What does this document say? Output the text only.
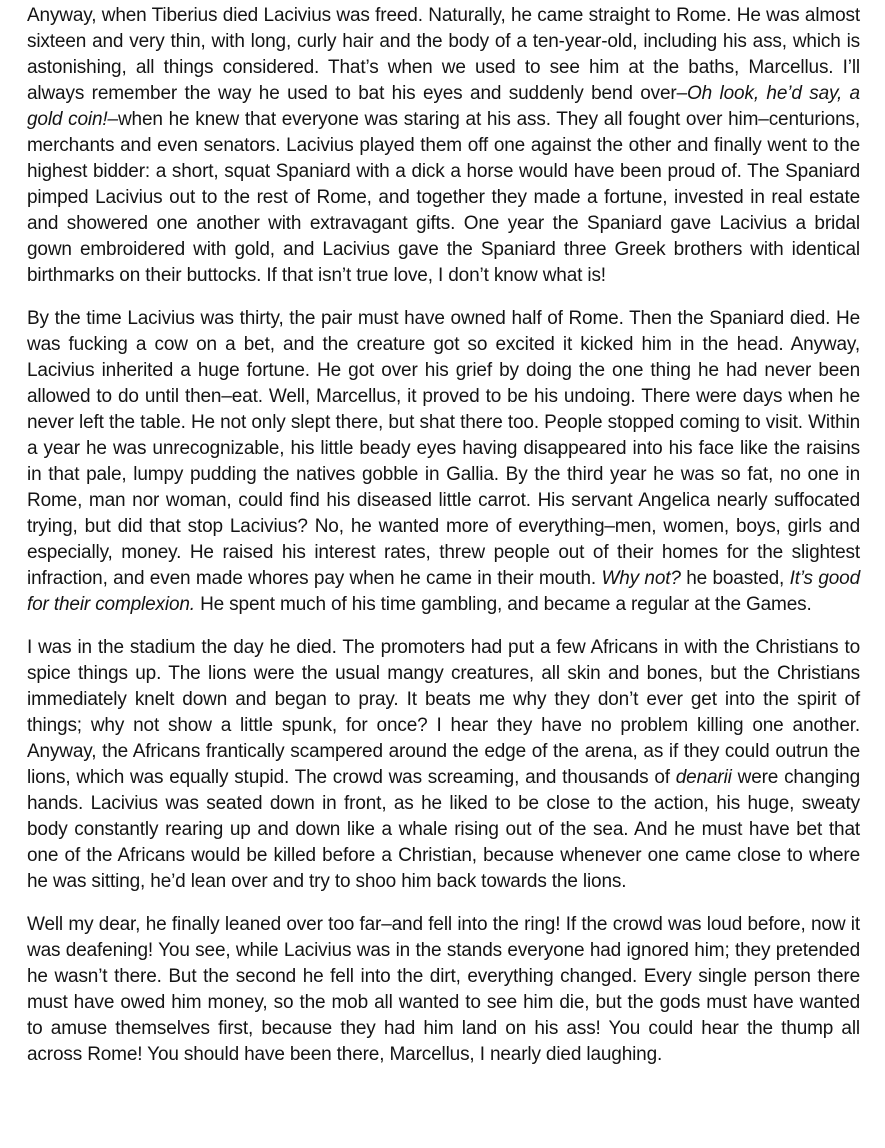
Anyway, when Tiberius died Lacivius was freed. Naturally, he came straight to Rome. He was almost sixteen and very thin, with long, curly hair and the body of a ten-year-old, including his ass, which is astonishing, all things considered. That’s when we used to see him at the baths, Marcellus. I’ll always remember the way he used to bat his eyes and suddenly bend over–Oh look, he’d say, a gold coin!–when he knew that everyone was staring at his ass. They all fought over him–centurions, merchants and even senators. Lacivius played them off one against the other and finally went to the highest bidder: a short, squat Spaniard with a dick a horse would have been proud of. The Spaniard pimped Lacivius out to the rest of Rome, and together they made a fortune, invested in real estate and showered one another with extravagant gifts. One year the Spaniard gave Lacivius a bridal gown embroidered with gold, and Lacivius gave the Spaniard three Greek brothers with identical birthmarks on their buttocks. If that isn’t true love, I don’t know what is!

By the time Lacivius was thirty, the pair must have owned half of Rome. Then the Spaniard died. He was fucking a cow on a bet, and the creature got so excited it kicked him in the head. Anyway, Lacivius inherited a huge fortune. He got over his grief by doing the one thing he had never been allowed to do until then–eat. Well, Marcellus, it proved to be his undoing. There were days when he never left the table. He not only slept there, but shat there too. People stopped coming to visit. Within a year he was unrecognizable, his little beady eyes having disappeared into his face like the raisins in that pale, lumpy pudding the natives gobble in Gallia. By the third year he was so fat, no one in Rome, man nor woman, could find his diseased little carrot. His servant Angelica nearly suffocated trying, but did that stop Lacivius? No, he wanted more of everything–men, women, boys, girls and especially, money. He raised his interest rates, threw people out of their homes for the slightest infraction, and even made whores pay when he came in their mouth. Why not? he boasted, It’s good for their complexion. He spent much of his time gambling, and became a regular at the Games.

I was in the stadium the day he died. The promoters had put a few Africans in with the Christians to spice things up. The lions were the usual mangy creatures, all skin and bones, but the Christians immediately knelt down and began to pray. It beats me why they don’t ever get into the spirit of things; why not show a little spunk, for once? I hear they have no problem killing one another. Anyway, the Africans frantically scampered around the edge of the arena, as if they could outrun the lions, which was equally stupid. The crowd was screaming, and thousands of denarii were changing hands. Lacivius was seated down in front, as he liked to be close to the action, his huge, sweaty body constantly rearing up and down like a whale rising out of the sea. And he must have bet that one of the Africans would be killed before a Christian, because whenever one came close to where he was sitting, he’d lean over and try to shoo him back towards the lions.

Well my dear, he finally leaned over too far–and fell into the ring! If the crowd was loud before, now it was deafening! You see, while Lacivius was in the stands everyone had ignored him; they pretended he wasn’t there. But the second he fell into the dirt, everything changed. Every single person there must have owed him money, so the mob all wanted to see him die, but the gods must have wanted to amuse themselves first, because they had him land on his ass! You could hear the thump all across Rome! You should have been there, Marcellus, I nearly died laughing.
